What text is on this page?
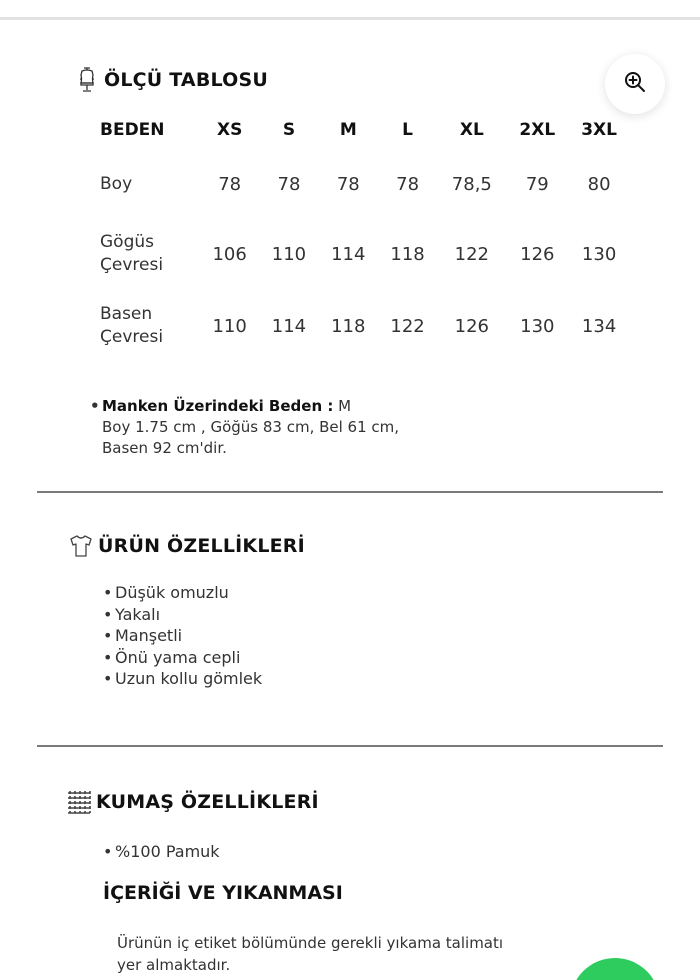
ÖLÇÜ TABLOSU
BEDEN	XS	S	M	L	XL	2XL	3XL
Boy	78	78	78	78	78,5	79	80

Gögüs
Çevresi	106	110	114	118	122	126	130

Basen
Çevresi	110	114	118	122	126	130	134
• Manken Üzerindeki Beden : M
Boy 1.75 cm , Göğüs 83 cm, Bel 61 cm,
Basen 92 cm'dir.
ÜRÜN ÖZELLİKLERİ
• Düşük omuzlu
• Yakalı
• Manşetli
• Önü yama cepli
• Uzun kollu gömlek
KUMAŞ ÖZELLİKLERİ
• %100 Pamuk
İÇERİĞİ VE YIKANMASI
Ürünün iç etiket bölümünde gerekli yıkama talimatı yer almaktadır.
